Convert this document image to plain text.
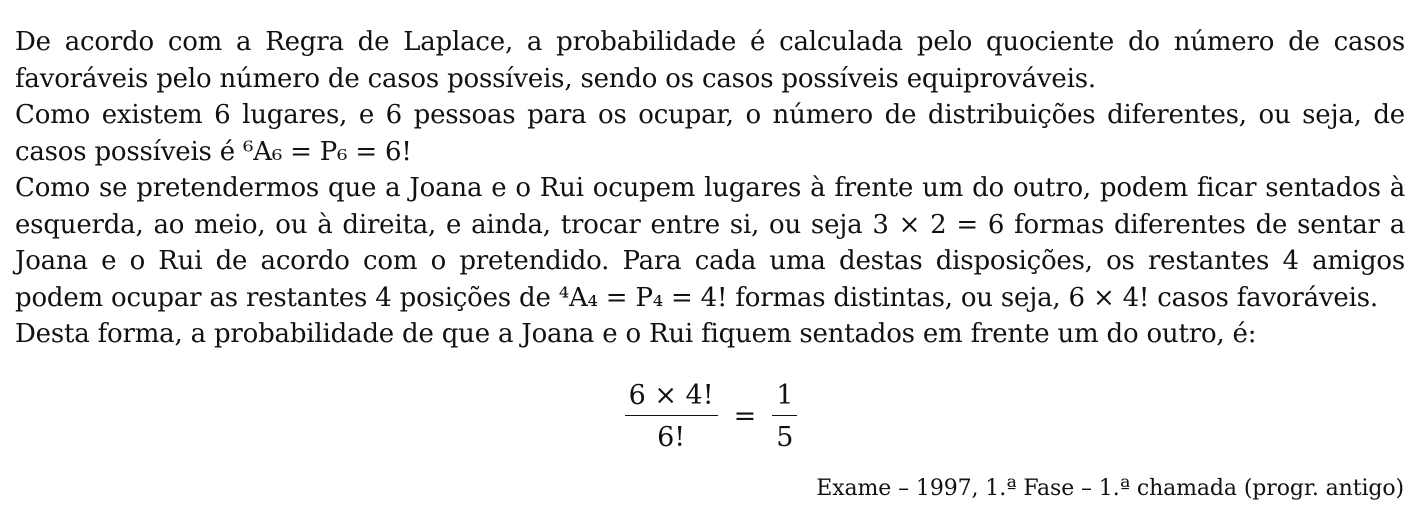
De acordo com a Regra de Laplace, a probabilidade é calculada pelo quociente do número de casos favoráveis pelo número de casos possíveis, sendo os casos possíveis equiprováveis.

Como existem 6 lugares, e 6 pessoas para os ocupar, o número de distribuições diferentes, ou seja, de casos possíveis é ⁶A₆ = P₆ = 6!

Como se pretendermos que a Joana e o Rui ocupem lugares à frente um do outro, podem ficar sentados à esquerda, ao meio, ou à direita, e ainda, trocar entre si, ou seja 3 × 2 = 6 formas diferentes de sentar a Joana e o Rui de acordo com o pretendido. Para cada uma destas disposições, os restantes 4 amigos podem ocupar as restantes 4 posições de ⁴A₄ = P₄ = 4! formas distintas, ou seja, 6 × 4! casos favoráveis.

Desta forma, a probabilidade de que a Joana e o Rui fiquem sentados em frente um do outro, é:

$\frac{6 \times 4!}{6!} = \frac{1}{5}$
Exame – 1997, 1.ª Fase – 1.ª chamada (progr. antigo)
